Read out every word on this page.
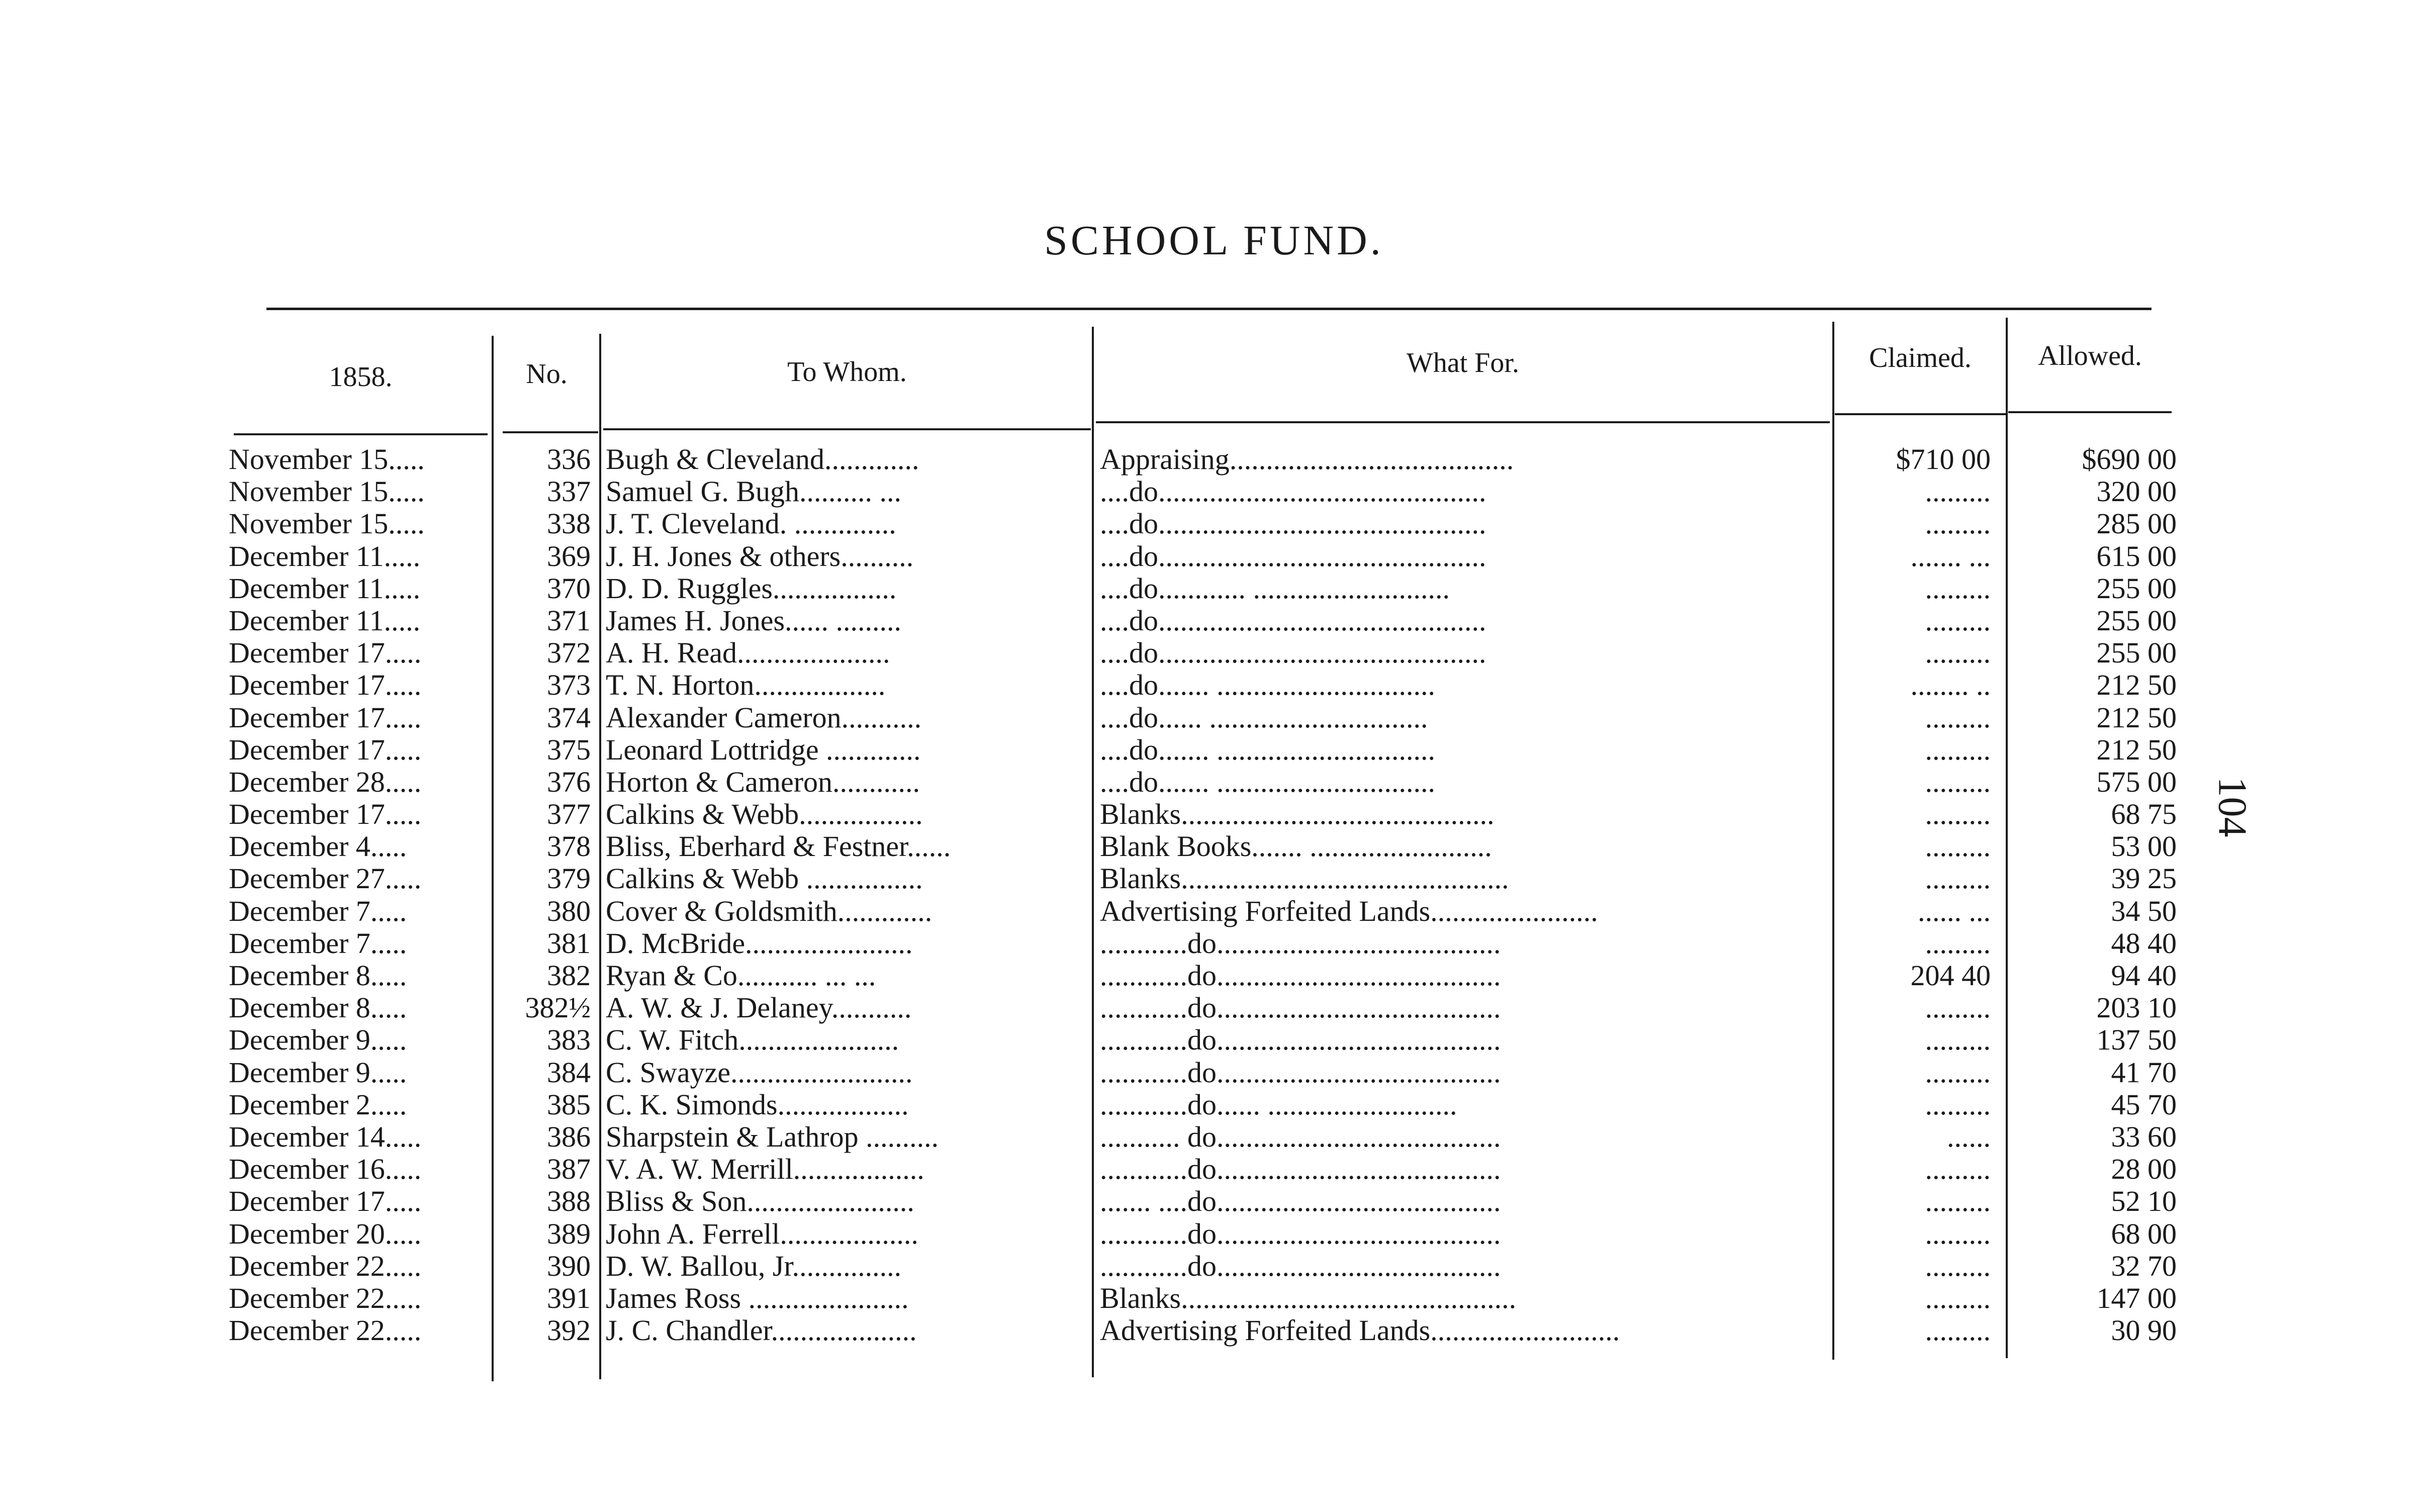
SCHOOL FUND.
104
1858.	No.	To Whom.	What For.	Claimed.	Allowed.
November 15.....	336 Bugh & Cleveland.............	Appraising.......................................	$710 00	$690 00
November 15.....	337 Samuel G. Bugh.......... ...	....do.............................................	.........	320 00
November 15.....	338 J. T. Cleveland. ..............	....do.............................................	.........	285 00
December 11.....	369 J. H. Jones & others..........	....do.............................................	....... ...	615 00
December 11.....	370 D. D. Ruggles.................	....do............ ...........................	.........	255 00
December 11.....	371 James H. Jones...... .........	....do.............................................	.........	255 00
December 17.....	372 A. H. Read.....................	....do.............................................	.........	255 00
December 17.....	373 T. N. Horton..................	....do....... ..............................	........ ..	212 50
December 17.....	374 Alexander Cameron...........	....do...... ..............................	.........	212 50
December 17.....	375 Leonard Lottridge .............	....do....... ..............................	.........	212 50
December 28.....	376 Horton & Cameron............	....do....... ..............................	.........	575 00
December 17.....	377 Calkins & Webb.................	Blanks...........................................	.........	68 75
December 4.....	378 Bliss, Eberhard & Festner......	Blank Books....... .........................	.........	53 00
December 27.....	379 Calkins & Webb ................	Blanks.............................................	.........	39 25
December 7.....	380 Cover & Goldsmith.............	Advertising Forfeited Lands.......................	...... ...	34 50
December 7.....	381 D. McBride.......................	............do.......................................	.........	48 40
December 8.....	382 Ryan & Co........... ... ...	............do.......................................	204 40	94 40
December 8.....	382½ A. W. & J. Delaney...........	............do.......................................	.........	203 10
December 9.....	383 C. W. Fitch......................	............do.......................................	.........	137 50
December 9.....	384 C. Swayze.........................	............do.......................................	.........	41 70
December 2.....	385 C. K. Simonds..................	............do...... ..........................	.........	45 70
December 14.....	386 Sharpstein & Lathrop ..........	........... do.......................................	......	33 60
December 16.....	387 V. A. W. Merrill..................	............do.......................................	.........	28 00
December 17.....	388 Bliss & Son.......................	....... ....do.......................................	.........	52 10
December 20.....	389 John A. Ferrell...................	............do.......................................	.........	68 00
December 22.....	390 D. W. Ballou, Jr...............	............do.......................................	.........	32 70
December 22.....	391 James Ross ......................	Blanks..............................................	.........	147 00
December 22.....	392 J. C. Chandler....................	Advertising Forfeited Lands..........................	.........	30 90
